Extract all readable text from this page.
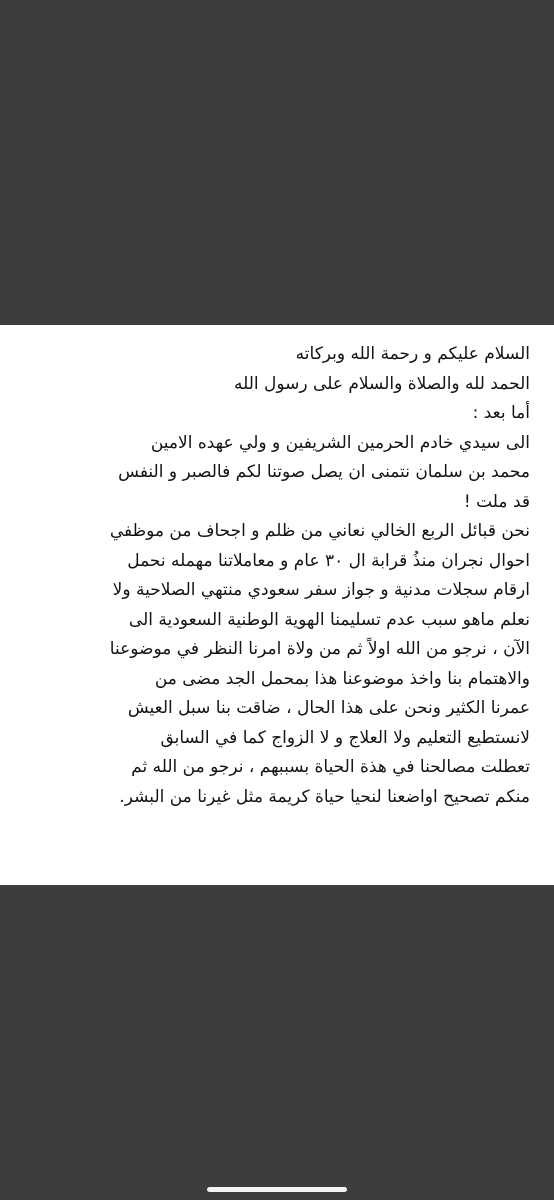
السلام عليكم و رحمة الله وبركاته
الحمد لله والصلاة والسلام على رسول الله
أما بعد :
الى سيدي خادم الحرمين الشريفين و ولي عهده الامين
محمد بن سلمان نتمنى ان يصل صوتنا لكم فالصبر و النفس
قد ملت !
نحن قبائل الربع الخالي نعاني من ظلم و اجحاف من موظفي
احوال نجران منذُ قرابة ال ٣٠ عام و معاملاتنا مهمله نحمل
ارقام سجلات مدنية و جواز سفر سعودي منتهي الصلاحية ولا
نعلم ماهو سبب عدم تسليمنا الهوية الوطنية السعودية الى
الآن ، نرجو من الله اولاً ثم من ولاة امرنا النظر في موضوعنا
والاهتمام بنا واخذ موضوعنا هذا بمحمل الجد مضى من
عمرنا الكثير ونحن على هذا الحال ، ضاقت بنا سبل العيش
لانستطيع التعليم ولا العلاج و لا الزواج كما في السابق
تعطلت مصالحنا في هذة الحياة بسببهم ، نرجو من الله ثم
منكم تصحيح اواضعنا لنحيا حياة كريمة مثل غيرنا من البشر.
